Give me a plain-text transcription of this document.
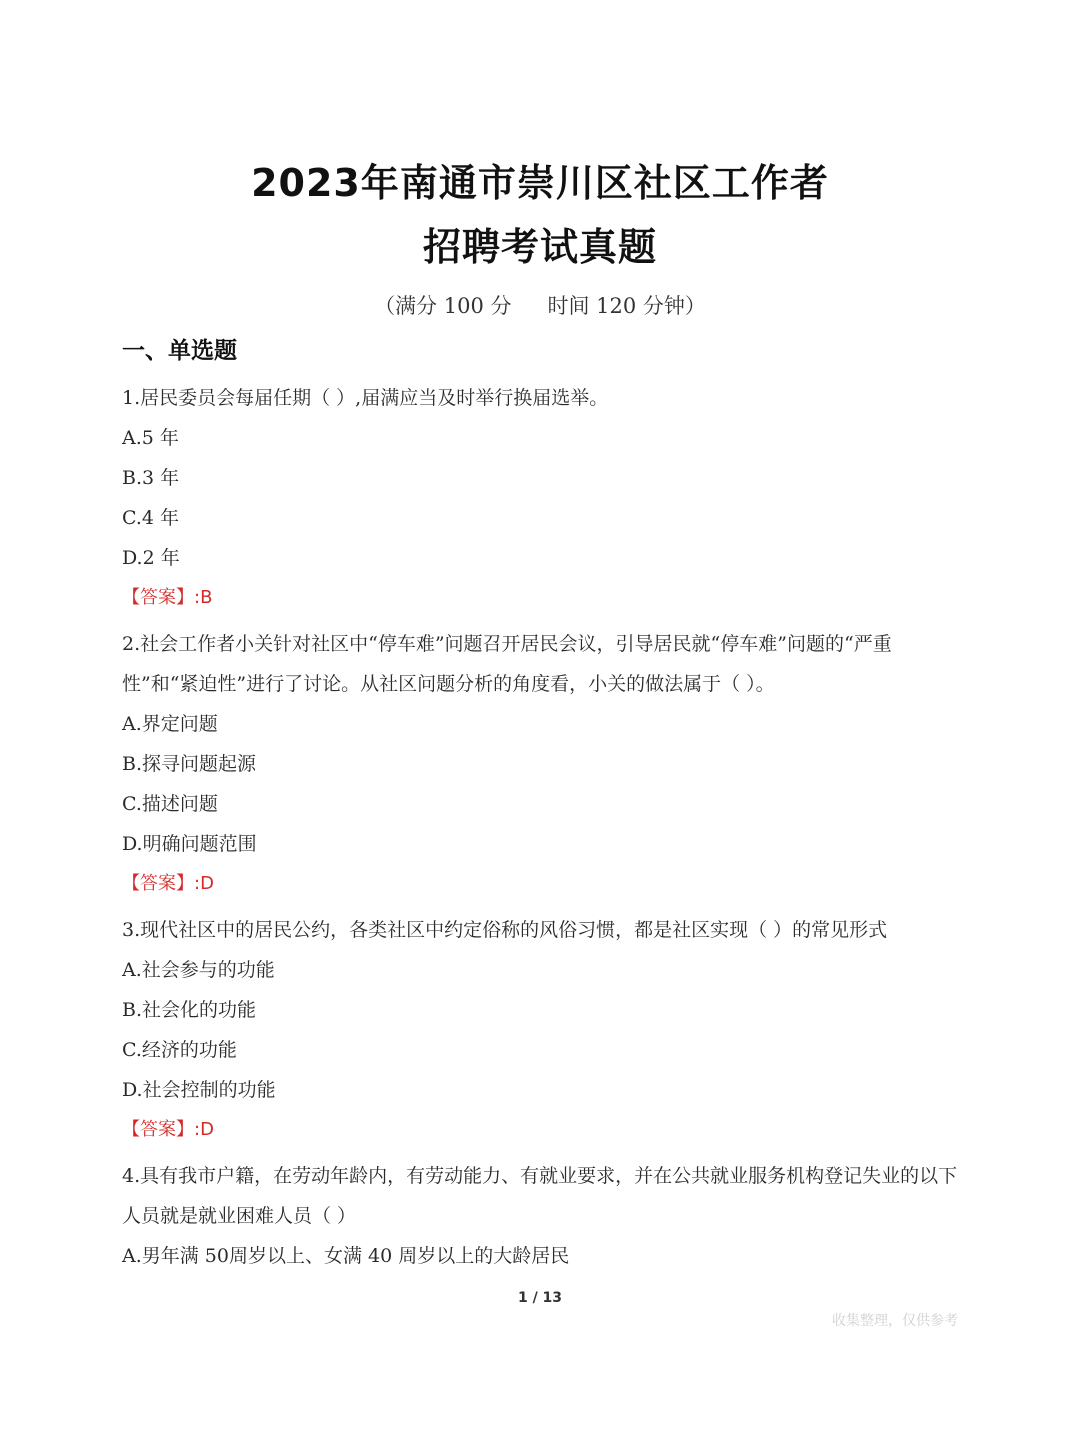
2023年南通市崇川区社区工作者
招聘考试真题
（满分 100 分 时间 120 分钟）
一、单选题
1.居民委员会每届任期（ ）,届满应当及时举行换届选举。
A.5 年
B.3 年
C.4 年
D.2 年
【答案】:B
2.社会工作者小关针对社区中“停车难”问题召开居民会议，引导居民就“停车难”问题的“严重性”和“紧迫性”进行了讨论。从社区问题分析的角度看，小关的做法属于（ ）。
A.界定问题
B.探寻问题起源
C.描述问题
D.明确问题范围
【答案】:D
3.现代社区中的居民公约，各类社区中约定俗称的风俗习惯，都是社区实现（ ）的常见形式
A.社会参与的功能
B.社会化的功能
C.经济的功能
D.社会控制的功能
【答案】:D
4.具有我市户籍，在劳动年龄内，有劳动能力、有就业要求，并在公共就业服务机构登记失业的以下人员就是就业困难人员（ ）
A.男年满 50周岁以上、女满 40 周岁以上的大龄居民
1 / 13
收集整理，仅供参考
